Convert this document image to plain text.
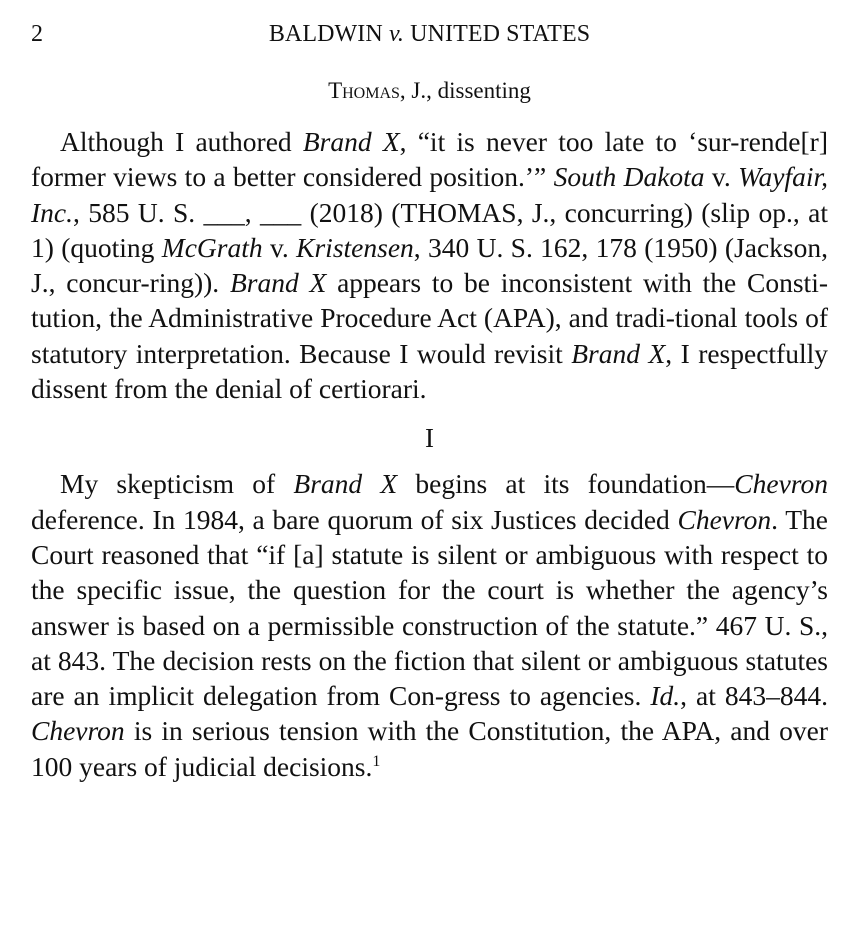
2	BALDWIN v. UNITED STATES
Thomas, J., dissenting

Although I authored Brand X, “it is never too late to ‘sur-rende[r] former views to a better considered position.’” South Dakota v. Wayfair, Inc., 585 U. S. ___, ___ (2018) (THOMAS, J., concurring) (slip op., at 1) (quoting McGrath v. Kristensen, 340 U. S. 162, 178 (1950) (Jackson, J., concur-ring)). Brand X appears to be inconsistent with the Consti-tution, the Administrative Procedure Act (APA), and tradi-tional tools of statutory interpretation. Because I would revisit Brand X, I respectfully dissent from the denial of certiorari.

I

My skepticism of Brand X begins at its foundation—Chevron deference. In 1984, a bare quorum of six Justices decided Chevron. The Court reasoned that “if [a] statute is silent or ambiguous with respect to the specific issue, the question for the court is whether the agency’s answer is based on a permissible construction of the statute.” 467 U. S., at 843. The decision rests on the fiction that silent or ambiguous statutes are an implicit delegation from Con-gress to agencies. Id., at 843–844. Chevron is in serious tension with the Constitution, the APA, and over 100 years of judicial decisions.$^1$
